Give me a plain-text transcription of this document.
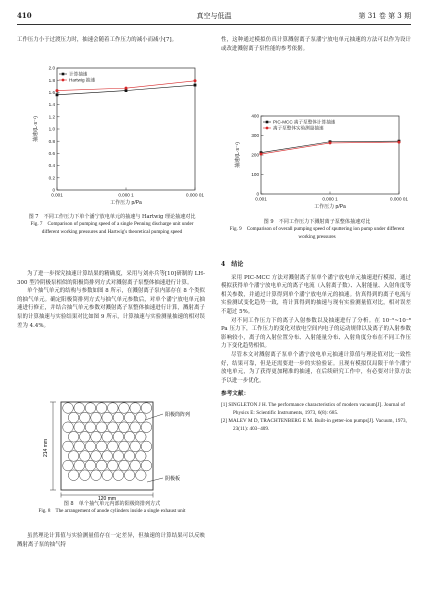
410	真空与低温	第 31 卷 第 3 期

工作压力小于过渡压力时，抽速会随着工作压力的减小而减小[7]。

0
0.2
0.4
0.6
0.8
1.0
1.2
1.4
1.6
1.8
2.0
0.001	0.000 1	0.000 01
工作压力 p/Pa
抽速/(L·s⁻¹)
计算抽速
Hartwig 抽速
图 7　不同工作压力下单个潘宁放电单元的抽速与 Hartwig 理论抽速对比
Fig. 7　Comparison of pumping speed of a single Penning discharge unit under different working pressures and Hartwig's theoretical pumping speed

为了进一步探究抽速计算结果的精确度，采用与刘亦兵等[10]研制的 LH-300 型冷阴极泵相似的阳极筒排列方式对溅射离子泵整体抽速进行计算。

单个抽气单元的结构与参数如图 8 所示，在溅射离子泵内部存在 8 个类似的抽气单元。确定阳极筒排列方式与抽气单元参数后，对单个潘宁放电单元抽速进行修正，并结合抽气单元参数对溅射离子泵整体抽速进行计算，溅射离子泵的计算抽速与实验结果对比如图 9 所示，计算抽速与实验测量抽速的相对误差为 4.4%。

214 mm
120 mm
阳极筒阵列
阴极板
图 8　单个抽气单元内部的阳极筒排列方式
Fig. 8　The arrangement of anode cylinders inside a single exhaust unit

虽然理论计算值与实验测量值存在一定差异，但抽速的计算结果可以反映溅射离子泵的抽气特

性，这种通过模拟仿真计算溅射离子泵潘宁放电单元抽速的方法可以作为设计或改进溅射离子泵性能的参考依据。

0
100
200
300
400
0.001	0.000 1	0.000 01
工作压力 p/Pa
抽速/(L·s⁻¹)
PIC-MCC 离子泵整体计算抽速
离子泵整体实验测量抽速
图 9　不同工作压力下溅射离子泵整体抽速对比
Fig. 9　Comparison of overall pumping speed of sputtering ion pump under different working pressures
4　结论

采用 PIC-MCC 方法对溅射离子泵单个潘宁放电单元抽速进行模拟，通过模拟获得单个潘宁放电单元的离子电流（入射离子数）、入射能量、入射角度等相关参数，并通过计算得到单个潘宁放电单元的抽速。仿真得到的离子电流与实验测试变化趋势一致，将计算得到的抽速与现有实验测量值对比，相对误差不超过 5%。

对不同工作压力下的离子入射参数以及抽速进行了分析。在 10⁻⁵~10⁻⁸ Pa 压力下，工作压力的变化对放电空间内电子的运动规律以及离子的入射参数影响较小，离子的入射位置分布、入射能量分布、入射角度分布在不同工作压力下变化趋势相似。

尽管本文对溅射离子泵单个潘宁放电单元抽速计算值与理论值对比一致性好，结果可靠，但是还需要进一步的实验验证。且现有模拟仅局限于单个潘宁放电单元，为了获得更加精准的抽速，在后续研究工作中，有必要对计算方法予以进一步优化。

参考文献：
[1] SINGLETON J H. The performance characteristics of modern vacuum[J]. Journal of Physics E: Scientific Instruments, 1973, 6(8): 685.
[2] MALEV M D, TRACHTENBERG E M. Built-in getter-ion pumps[J]. Vacuum, 1973, 23(11): 403−409.
